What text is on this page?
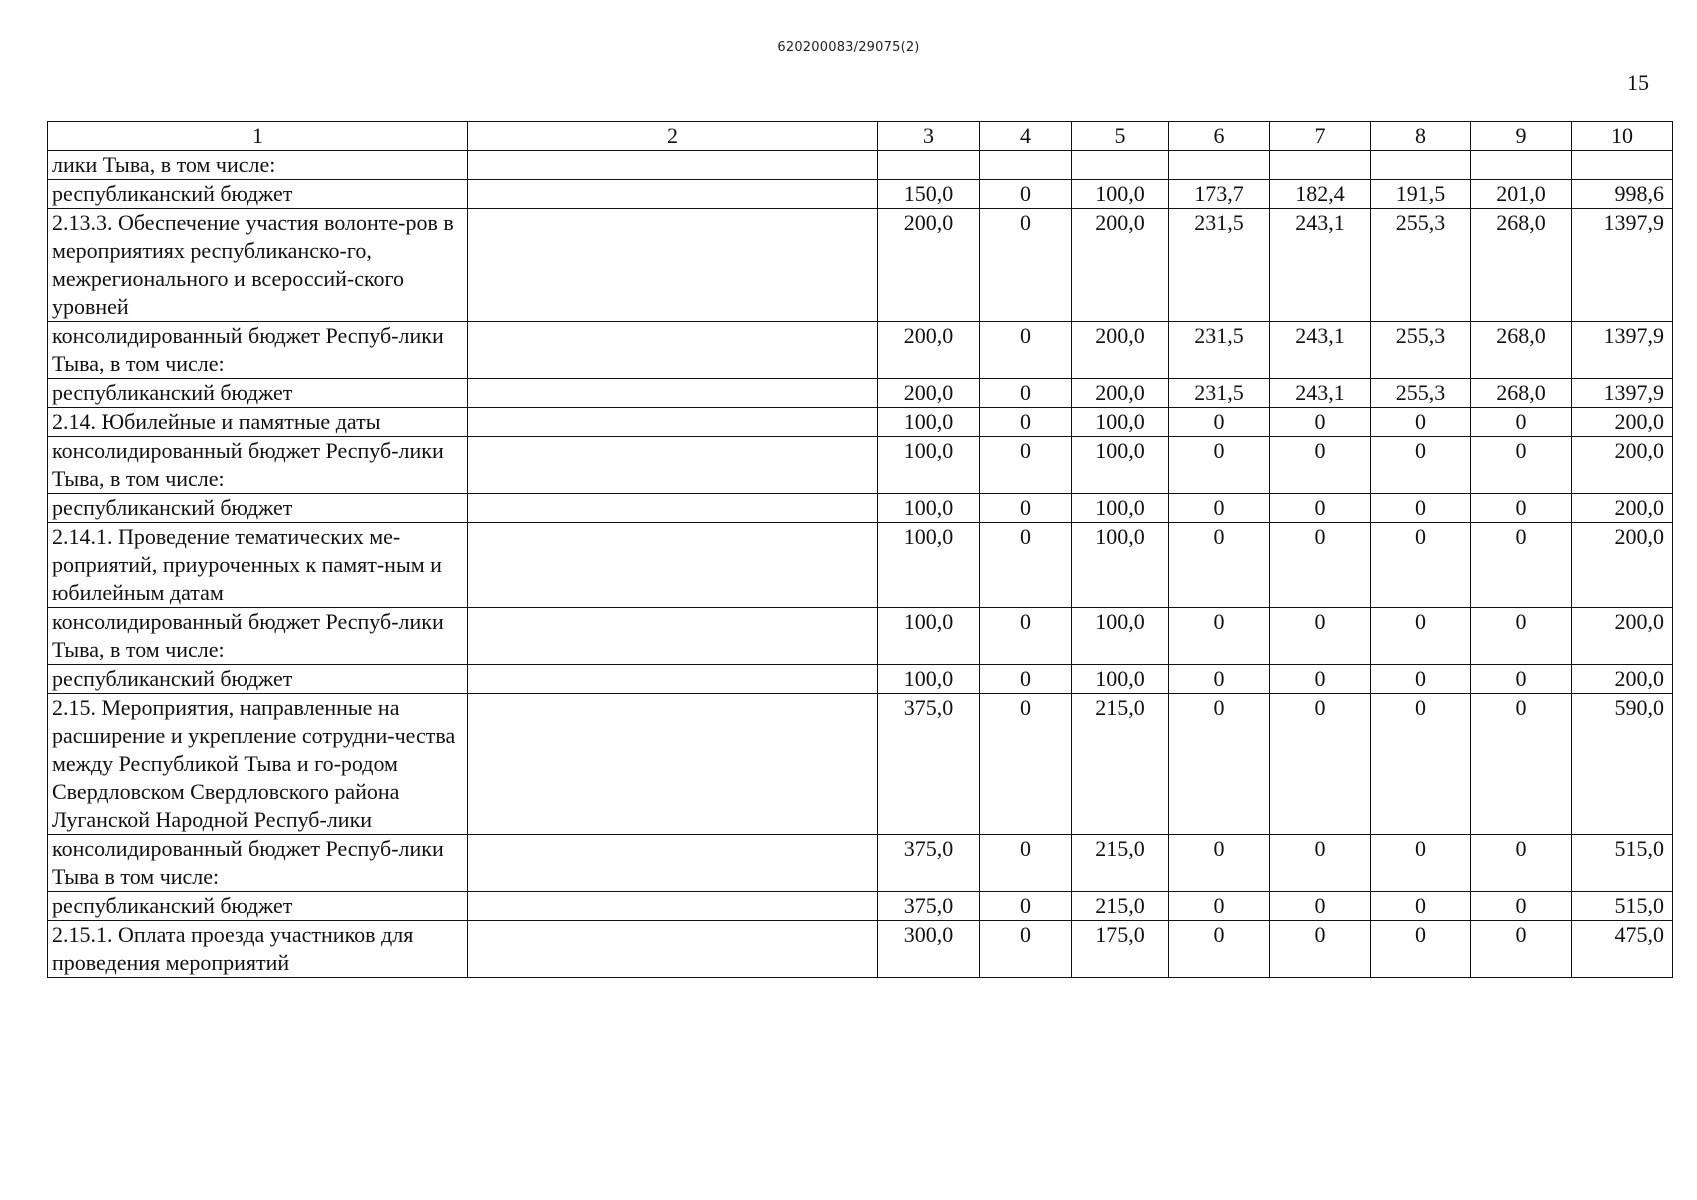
620200083/29075(2)
15
1	2	3	4	5	6	7	8	9	10
лики Тыва, в том числе:									
республиканский бюджет		150,0	0	100,0	173,7	182,4	191,5	201,0	998,6
2.13.3. Обеспечение участия волонте-ров в мероприятиях республиканско-го, межрегионального и всероссий-ского уровней		200,0	0	200,0	231,5	243,1	255,3	268,0	1397,9
консолидированный бюджет Респуб-лики Тыва, в том числе:		200,0	0	200,0	231,5	243,1	255,3	268,0	1397,9
республиканский бюджет		200,0	0	200,0	231,5	243,1	255,3	268,0	1397,9
2.14. Юбилейные и памятные даты		100,0	0	100,0	0	0	0	0	200,0
консолидированный бюджет Респуб-лики Тыва, в том числе:		100,0	0	100,0	0	0	0	0	200,0
республиканский бюджет		100,0	0	100,0	0	0	0	0	200,0
2.14.1. Проведение тематических ме-роприятий, приуроченных к памят-ным и юбилейным датам		100,0	0	100,0	0	0	0	0	200,0
консолидированный бюджет Респуб-лики Тыва, в том числе:		100,0	0	100,0	0	0	0	0	200,0
республиканский бюджет		100,0	0	100,0	0	0	0	0	200,0
2.15. Мероприятия, направленные на расширение и укрепление сотрудни-чества между Республикой Тыва и го-родом Свердловском Свердловского района Луганской Народной Респуб-лики		375,0	0	215,0	0	0	0	0	590,0
консолидированный бюджет Респуб-лики Тыва в том числе:		375,0	0	215,0	0	0	0	0	515,0
республиканский бюджет		375,0	0	215,0	0	0	0	0	515,0
2.15.1. Оплата проезда участников для проведения мероприятий		300,0	0	175,0	0	0	0	0	475,0
